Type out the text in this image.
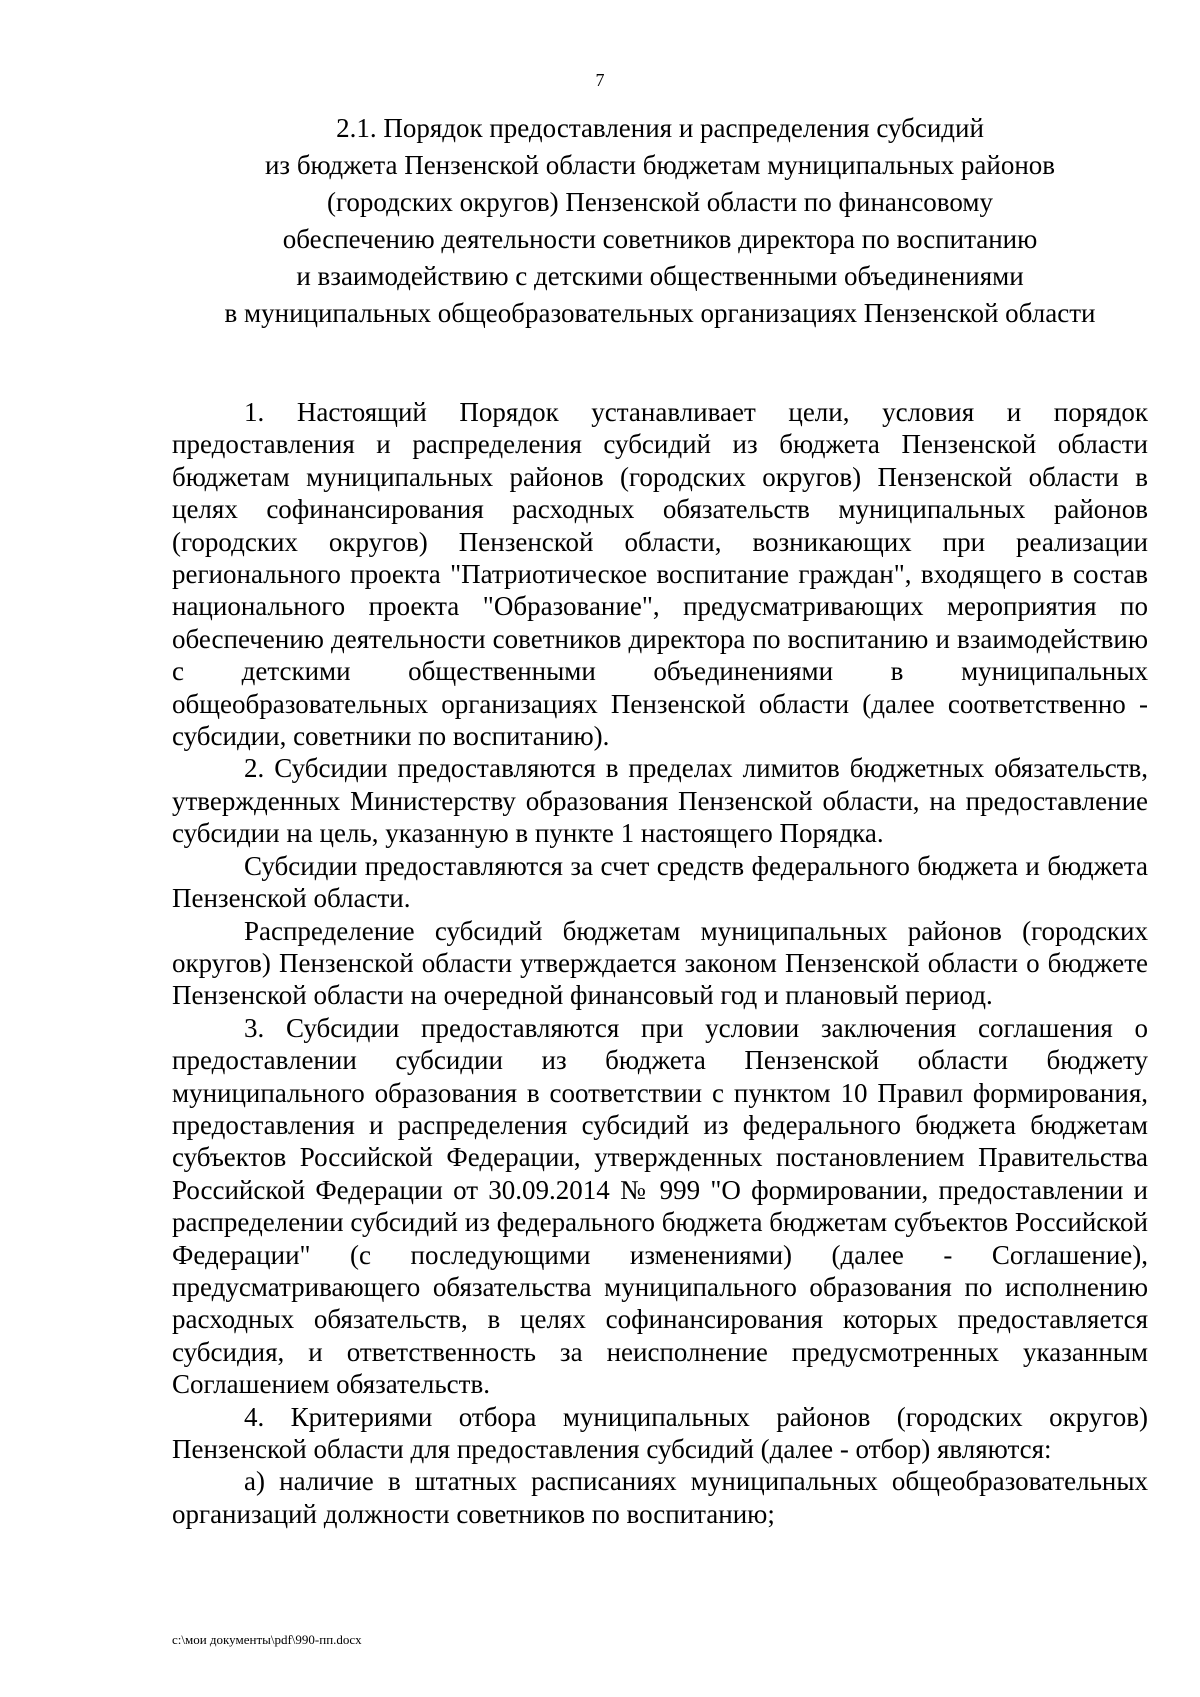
7
2.1. Порядок предоставления и распределения субсидий
из бюджета Пензенской области бюджетам муниципальных районов
(городских округов) Пензенской области по финансовому
обеспечению деятельности советников директора по воспитанию
и взаимодействию с детскими общественными объединениями
в муниципальных общеобразовательных организациях Пензенской области

1. Настоящий Порядок устанавливает цели, условия и порядок предоставления и распределения субсидий из бюджета Пензенской области бюджетам муниципальных районов (городских округов) Пензенской области в целях софинансирования расходных обязательств муниципальных районов (городских округов) Пензенской области, возникающих при реализации регионального проекта "Патриотическое воспитание граждан", входящего в состав национального проекта "Образование", предусматривающих мероприятия по обеспечению деятельности советников директора по воспитанию и взаимодействию с детскими общественными объединениями в муниципальных общеобразовательных организациях Пензенской области (далее соответственно - субсидии, советники по воспитанию).

2. Субсидии предоставляются в пределах лимитов бюджетных обязательств, утвержденных Министерству образования Пензенской области, на предоставление субсидии на цель, указанную в пункте 1 настоящего Порядка.

Субсидии предоставляются за счет средств федерального бюджета и бюджета Пензенской области.

Распределение субсидий бюджетам муниципальных районов (городских округов) Пензенской области утверждается законом Пензенской области о бюджете Пензенской области на очередной финансовый год и плановый период.

3. Субсидии предоставляются при условии заключения соглашения о предоставлении субсидии из бюджета Пензенской области бюджету муниципального образования в соответствии с пунктом 10 Правил формирования, предоставления и распределения субсидий из федерального бюджета бюджетам субъектов Российской Федерации, утвержденных постановлением Правительства Российской Федерации от 30.09.2014 № 999 "О формировании, предоставлении и распределении субсидий из федерального бюджета бюджетам субъектов Российской Федерации" (с последующими изменениями) (далее - Соглашение), предусматривающего обязательства муниципального образования по исполнению расходных обязательств, в целях софинансирования которых предоставляется субсидия, и ответственность за неисполнение предусмотренных указанным Соглашением обязательств.

4. Критериями отбора муниципальных районов (городских округов) Пензенской области для предоставления субсидий (далее - отбор) являются:

а) наличие в штатных расписаниях муниципальных общеобразовательных организаций должности советников по воспитанию;

c:\мои документы\pdf\990-пп.docx
